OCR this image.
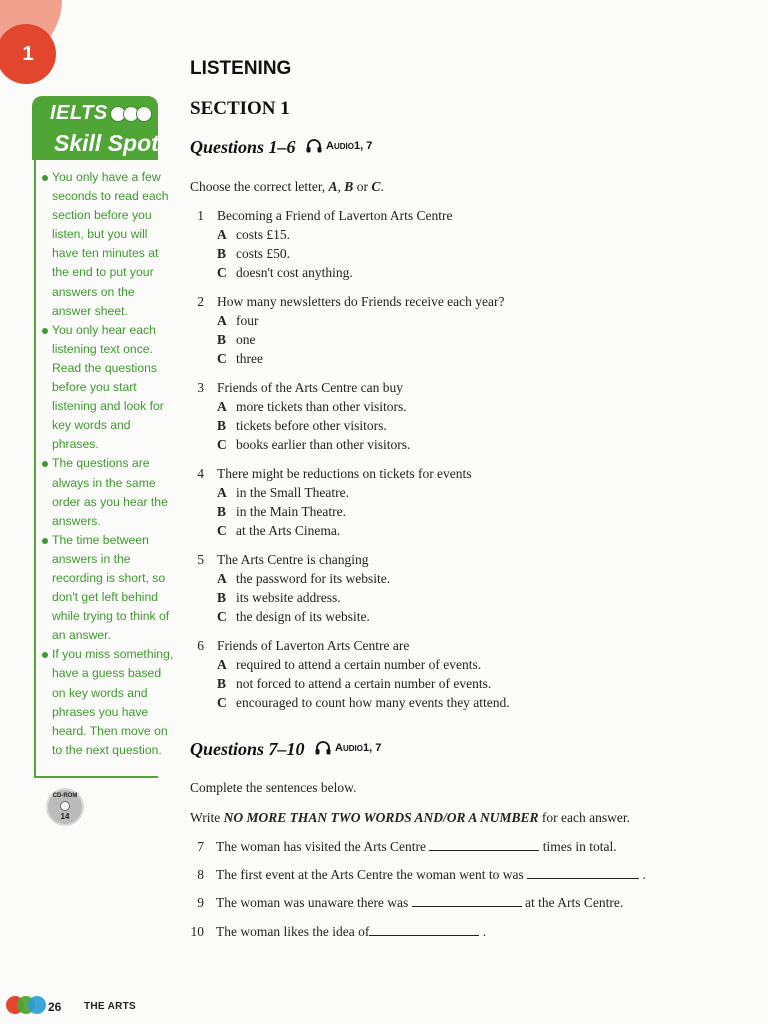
1
IELTS
Skill Spot
You only have a few seconds to read each section before you listen, but you will have ten minutes at the end to put your answers on the answer sheet.
You only hear each listening text once. Read the questions before you start listening and look for key words and phrases.
The questions are always in the same order as you hear the answers.
The time between answers in the recording is short, so don't get left behind while trying to think of an answer.
If you miss something, have a guess based on key words and phrases you have heard. Then move on to the next question.
CD-ROM
14
LISTENING
SECTION 1
Questions 1–6	Audio 1, 7
Choose the correct letter, A, B or C.
1 Becoming a Friend of Laverton Arts Centre
A costs £15.
B costs £50.
C doesn't cost anything.
2 How many newsletters do Friends receive each year?
A four
B one
C three
3 Friends of the Arts Centre can buy
A more tickets than other visitors.
B tickets before other visitors.
C books earlier than other visitors.
4 There might be reductions on tickets for events
A in the Small Theatre.
B in the Main Theatre.
C at the Arts Cinema.
5 The Arts Centre is changing
A the password for its website.
B its website address.
C the design of its website.
6 Friends of Laverton Arts Centre are
A required to attend a certain number of events.
B not forced to attend a certain number of events.
C encouraged to count how many events they attend.
Questions 7–10	Audio 1, 7
Complete the sentences below.
Write NO MORE THAN TWO WORDS AND/OR A NUMBER for each answer.
7 The woman has visited the Arts Centre	times in total.
8 The first event at the Arts Centre the woman went to was	.
9 The woman was unaware there was	at the Arts Centre.
10 The woman likes the idea of	.
26 THE ARTS
